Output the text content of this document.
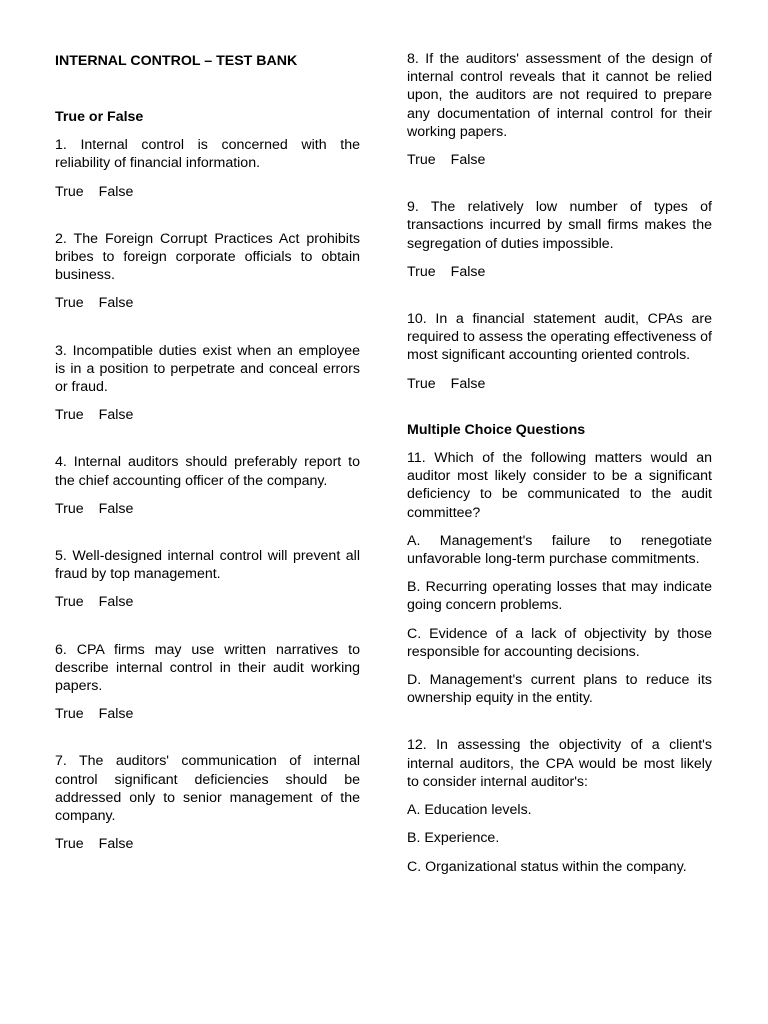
INTERNAL CONTROL – TEST BANK

True or False

1. Internal control is concerned with the reliability of financial information.

True False

2. The Foreign Corrupt Practices Act prohibits bribes to foreign corporate officials to obtain business.

True False

3. Incompatible duties exist when an employee is in a position to perpetrate and conceal errors or fraud.

True False

4. Internal auditors should preferably report to the chief accounting officer of the company.

True False

5. Well-designed internal control will prevent all fraud by top management.

True False

6. CPA firms may use written narratives to describe internal control in their audit working papers.

True False

7. The auditors' communication of internal control significant deficiencies should be addressed only to senior management of the company.

True False

8. If the auditors' assessment of the design of internal control reveals that it cannot be relied upon, the auditors are not required to prepare any documentation of internal control for their working papers.

True False

9. The relatively low number of types of transactions incurred by small firms makes the segregation of duties impossible.

True False

10. In a financial statement audit, CPAs are required to assess the operating effectiveness of most significant accounting oriented controls.

True False

Multiple Choice Questions

11. Which of the following matters would an auditor most likely consider to be a significant deficiency to be communicated to the audit committee?

A. Management's failure to renegotiate unfavorable long-term purchase commitments.

B. Recurring operating losses that may indicate going concern problems.

C. Evidence of a lack of objectivity by those responsible for accounting decisions.

D. Management's current plans to reduce its ownership equity in the entity.

12. In assessing the objectivity of a client's internal auditors, the CPA would be most likely to consider internal auditor's:

A. Education levels.

B. Experience.

C. Organizational status within the company.
